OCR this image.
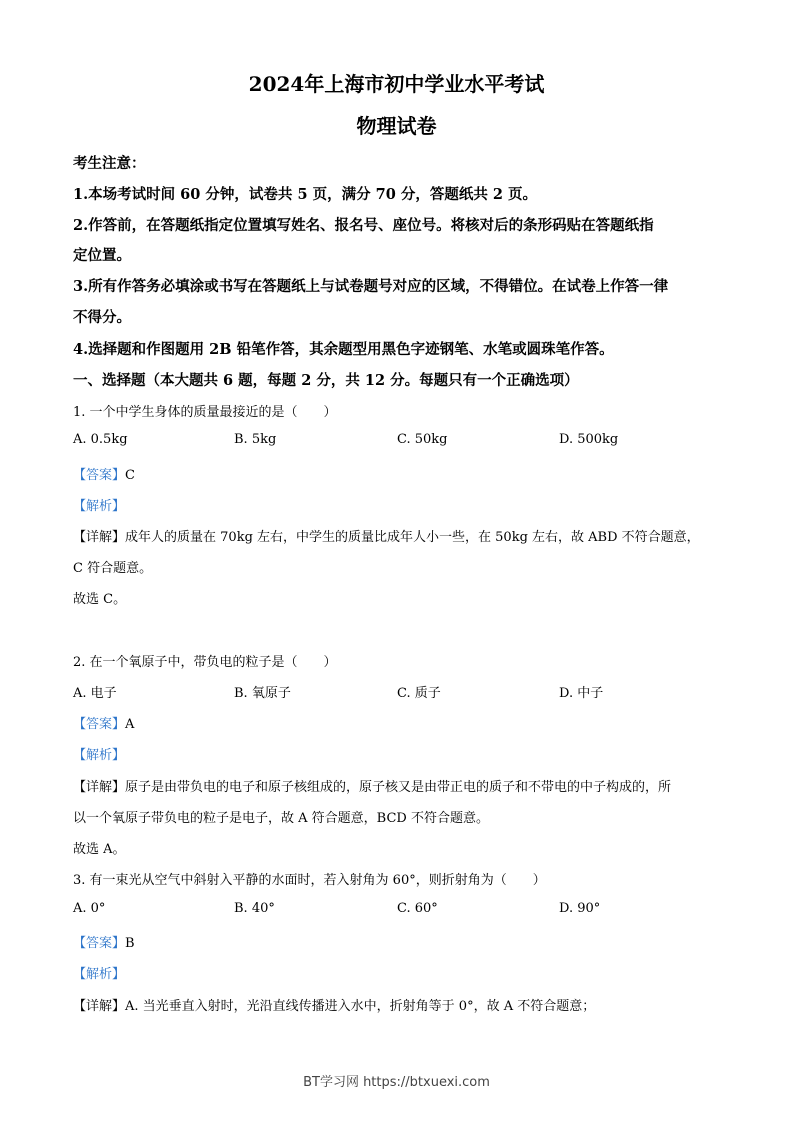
2024年上海市初中学业水平考试
物理试卷
考生注意：
1.本场考试时间 60 分钟，试卷共 5 页，满分 70 分，答题纸共 2 页。
2.作答前，在答题纸指定位置填写姓名、报名号、座位号。将核对后的条形码贴在答题纸指
定位置。
3.所有作答务必填涂或书写在答题纸上与试卷题号对应的区域，不得错位。在试卷上作答一律
不得分。
4.选择题和作图题用 2B 铅笔作答，其余题型用黑色字迹钢笔、水笔或圆珠笔作答。
一、选择题（本大题共 6 题，每题 2 分，共 12 分。每题只有一个正确选项）
1. 一个中学生身体的质量最接近的是（　　）
A. 0.5kg	B. 5kg	C. 50kg	D. 500kg
【答案】C
【解析】
【详解】成年人的质量在 70kg 左右，中学生的质量比成年人小一些，在 50kg 左右，故 ABD 不符合题意，
C 符合题意。
故选 C。
2. 在一个氧原子中，带负电的粒子是（　　）
A. 电子	B. 氧原子	C. 质子	D. 中子
【答案】A
【解析】
【详解】原子是由带负电的电子和原子核组成的，原子核又是由带正电的质子和不带电的中子构成的，所
以一个氧原子带负电的粒子是电子，故 A 符合题意，BCD 不符合题意。
故选 A。
3. 有一束光从空气中斜射入平静的水面时，若入射角为 60°，则折射角为（　　）
A. 0°	B. 40°	C. 60°	D. 90°
【答案】B
【解析】
【详解】A. 当光垂直入射时，光沿直线传播进入水中，折射角等于 0°，故 A 不符合题意；
BT学习网 https://btxuexi.com
